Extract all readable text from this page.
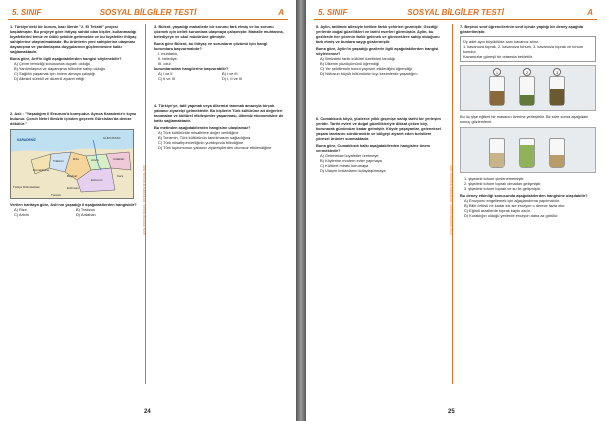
5. SINIF	SOSYAL BİLGİLER TESTİ	A
1. Türkiye'deki bir kurum, bazı illerde "2. El Tekstil" projesi başlatmıştır. Bu projeye göre ihtiyaç sahibi olan kişiler, kullanmadığı kıyafetlerini temiz ve ütülü şekilde getirmekte ve bu kıyafetler ihtiyaç sahiplerine ulaştırılmaktadır. Bu ürünlerin yeni sahiplerine ulaşması dayanışma ve yardımlaşma duygularının güçlenmesine katkı sağlamaktadır.
Buna göre, Arif'in ilgili aşağıdakilerden hangisi söylenebilir?
A) Çevre temizliği konusunda duyarlı olduğu
B) Yardımlaşma ve dayanışma bilincine sahip olduğu
C) Sağlıklı yaşamak için önlem almaya çalıştığı
D) Ailesini sürekli ve düzenli ziyaret ettiği
2. Aslı : "Yaşadığım il Erzurum'a komşudur. Ayrıca Karadeniz'e kıyısı bulunur. Çoruh Nehri ilimizin içinden geçerek Gürcistan'da denize dökülür."
KARADENİZ	GÜRCİSTAN
Trabzon	Rize	Artvin	Ardahan
Erzurum
Bayburt	Kars
Gümüşhane
Türkiye Fiziki Haritası
Tunceli
Erzincan
Verilen haritaya göre, Aslı'nın yaşadığı il aşağıdakilerden hangisidir?
A) Rize	B) Trabzon
C) Artvin	D) Ardahan	ÖZEL YAYINCILIK KURUMLARI - SOSYAL BİLGİLER TESTİ
3. Bülent, yaşadığı mahallede bir sorunu fark etmiş ve bu sorunu çözmek için belirli kurumlara ulaşmaya çalışmıştır. Mahalle muhtarına, belediyeye ve okul müdürüne gitmiştir.
Buna göre Bülent, bu ihtiyaç ve sorunların çözümü için hangi kurumlara başvurmalıdır?
I. muhtarlık,
II. belediye,
III. okul
kurumlarından hangilerine başvurabilir?
A) I ve II	B) I ve III
C) II ve III	D) I, II ve III
4. Türkiye'ye, tatil yapmak veya ülkemizi tanımak amacıyla birçok yabancı ziyaretçi gelmektedir. Bu kişilerin Türk kültürüne ait değerleri tanımaları ve kültürel etkileşimler yaşanması, ülkemiz ekonomisine de katkı sağlamaktadır.
Bu metinden aşağıdakilerden hangisine ulaşılamaz?
A) Türk kültüründe misafirlere değer verildiğine
B) Turizmin, Türk kültürünün tanıtılmasını sağladığına
C) Türk misafirperverliğinin yurtdışında bilindiğine
D) Türk toplumunun yabancı ziyaretçilerden olumsuz etkilendiğine
24
5. SINIF	SOSYAL BİLGİLER TESTİ	A
5. Aylin, tatilinde ailesiyle birlikte farklı şehirleri gezmiştir. Gezdiği yerlerde doğal güzellikleri ve tarihi eserleri görmüştür. Aylin, bu gezilerde her yörenin farklı gelenek ve göreneklere sahip olduğunu fark etmiş ve bunlara saygı göstermiştir.
Buna göre, Aylin'in yaşadığı gezilerle ilgili aşağıdakilerden hangisi söylenemez?
A) İlimizdeki farklı kültürel özellikleri tanıdığı
B) Ülkenin yüzölçümünü öğrendiği
C) Yer şekillerinin konut yapısını etkilediğini öğrendiği
D) Nüfusun büyük bölümünün kıyı kesimlerde yaşadığını
6. Cumalıkızık köyü, yüzlerce yıllık geçmişe sahip tarihi bir yerleşim yeridir. Tarihi evleri ve doğal güzellikleriyle dikkat çeken köy, korunarak günümüze kadar gelmiştir. Köyde yaşayanlar, geleneksel yaşam tarzlarını sürdürmekte ve bölgeyi ziyaret eden turistlere yöresel ürünler sunmaktadır.
Buna göre, Cumalıkızık halkı aşağıdakilerden hangisine önem vermektedir?
A) Geleneksel kıyafetler üretmeye
B) Köylerine modern evler yapmaya
C) Kültürel mirası korumaya
D) Ulaşım imkânlarını kolaylaştırmaya	ÖZEL YAYINCILIK KURUMLARI - SOSYAL BİLGİLER TESTİ
7. Beşinci sınıf öğrencilerinin sınıf içinde yaptığı bir deney aşağıda gösterilmiştir.
Üç adet aynı büyüklükte cam kavanoz alınır.
1. kavanoza toprak, 2. kavanoza tohum, 3. kavanoza toprak ve tohum konulur.
Kavanozlar güneşli bir ortamda bekletilir.
1	2	3
Bu üç şişe eğitimi bir masanın üzerine yerleştirilir. Bir süre sonra aşağıdaki sonuç gözlemlenir.
1. şişedeki tohum çimlenememiştir.
2. şişedeki tohum toprak olmadan gelişmiştir.
3. şişedeki tohum toprak ve su ile gelişmiştir.
Bu deney etkinliği sonucunda aşağıdakilerden hangisine ulaşılabilir?
A) Erozyonu engellemek için ağaçlandırma yapılmalıdır.
B) Bitki örtüsü ne kadar sık ise erozyon o derece fazla olur.
C) Eğimli arazilerde toprak kaybı azdır.
D) Kuraklığın olduğu yerlerde erozyon daha az görülür.
25
